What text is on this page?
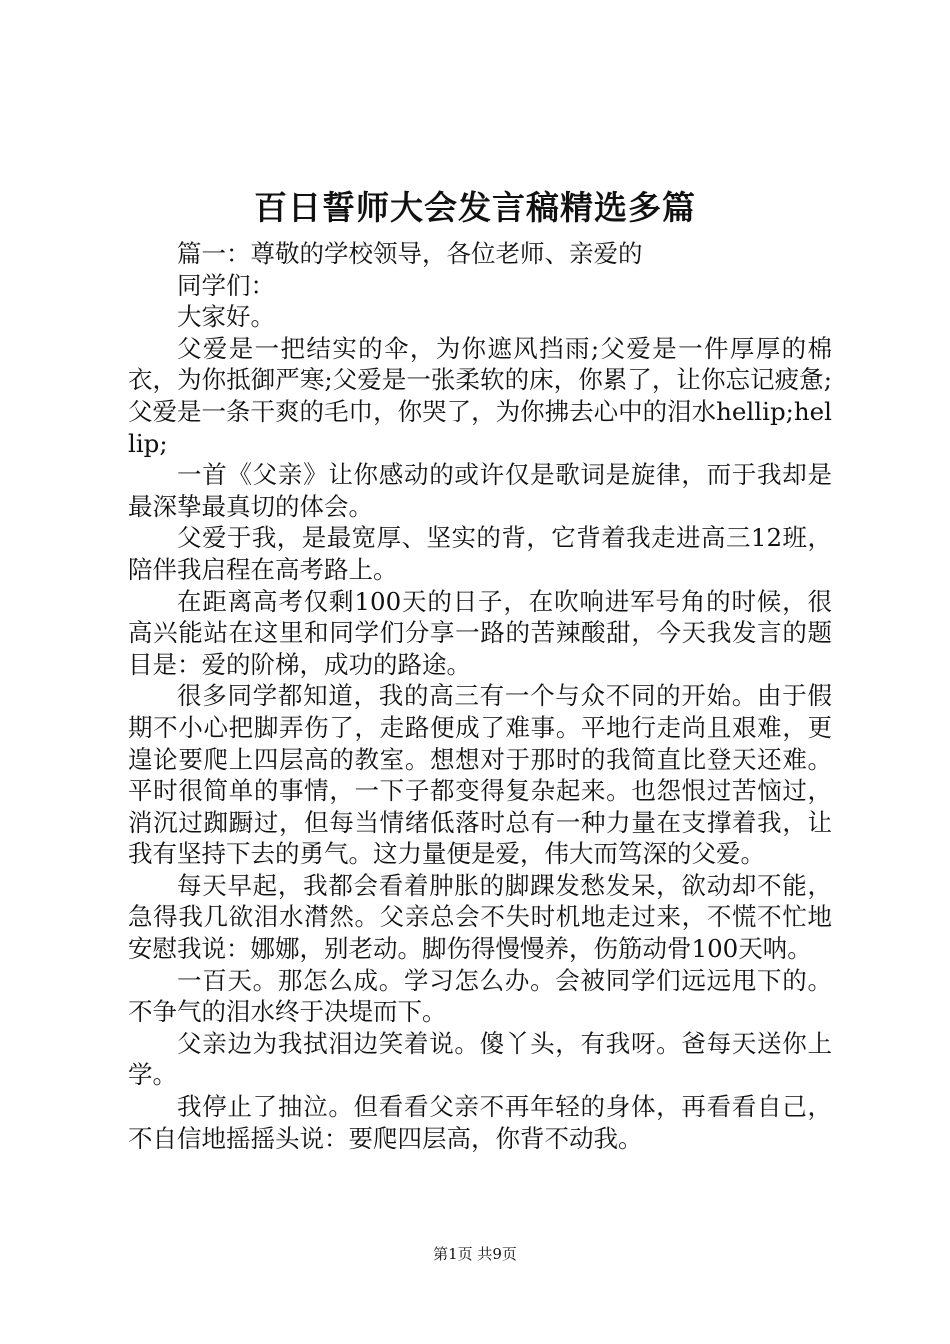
百日誓师大会发言稿精选多篇

篇一：尊敬的学校领导，各位老师、亲爱的

同学们：

大家好。

父爱是一把结实的伞，为你遮风挡雨;父爱是一件厚厚的棉衣，为你抵御严寒;父爱是一张柔软的床，你累了，让你忘记疲惫;父爱是一条干爽的毛巾，你哭了，为你拂去心中的泪水hellip;hellip;

一首《父亲》让你感动的或许仅是歌词是旋律，而于我却是最深挚最真切的体会。

父爱于我，是最宽厚、坚实的背，它背着我走进高三12班，陪伴我启程在高考路上。

在距离高考仅剩100天的日子，在吹响进军号角的时候，很高兴能站在这里和同学们分享一路的苦辣酸甜，今天我发言的题目是：爱的阶梯，成功的路途。

很多同学都知道，我的高三有一个与众不同的开始。由于假期不小心把脚弄伤了，走路便成了难事。平地行走尚且艰难，更遑论要爬上四层高的教室。想想对于那时的我简直比登天还难。平时很简单的事情，一下子都变得复杂起来。也怨恨过苦恼过，消沉过踟蹰过，但每当情绪低落时总有一种力量在支撑着我，让我有坚持下去的勇气。这力量便是爱，伟大而笃深的父爱。

每天早起，我都会看着肿胀的脚踝发愁发呆，欲动却不能，急得我几欲泪水潸然。父亲总会不失时机地走过来，不慌不忙地安慰我说：娜娜，别老动。脚伤得慢慢养，伤筋动骨100天呐。

一百天。那怎么成。学习怎么办。会被同学们远远甩下的。不争气的泪水终于决堤而下。

父亲边为我拭泪边笑着说。傻丫头，有我呀。爸每天送你上学。

我停止了抽泣。但看看父亲不再年轻的身体，再看看自己，不自信地摇摇头说：要爬四层高，你背不动我。

第1页 共9页
